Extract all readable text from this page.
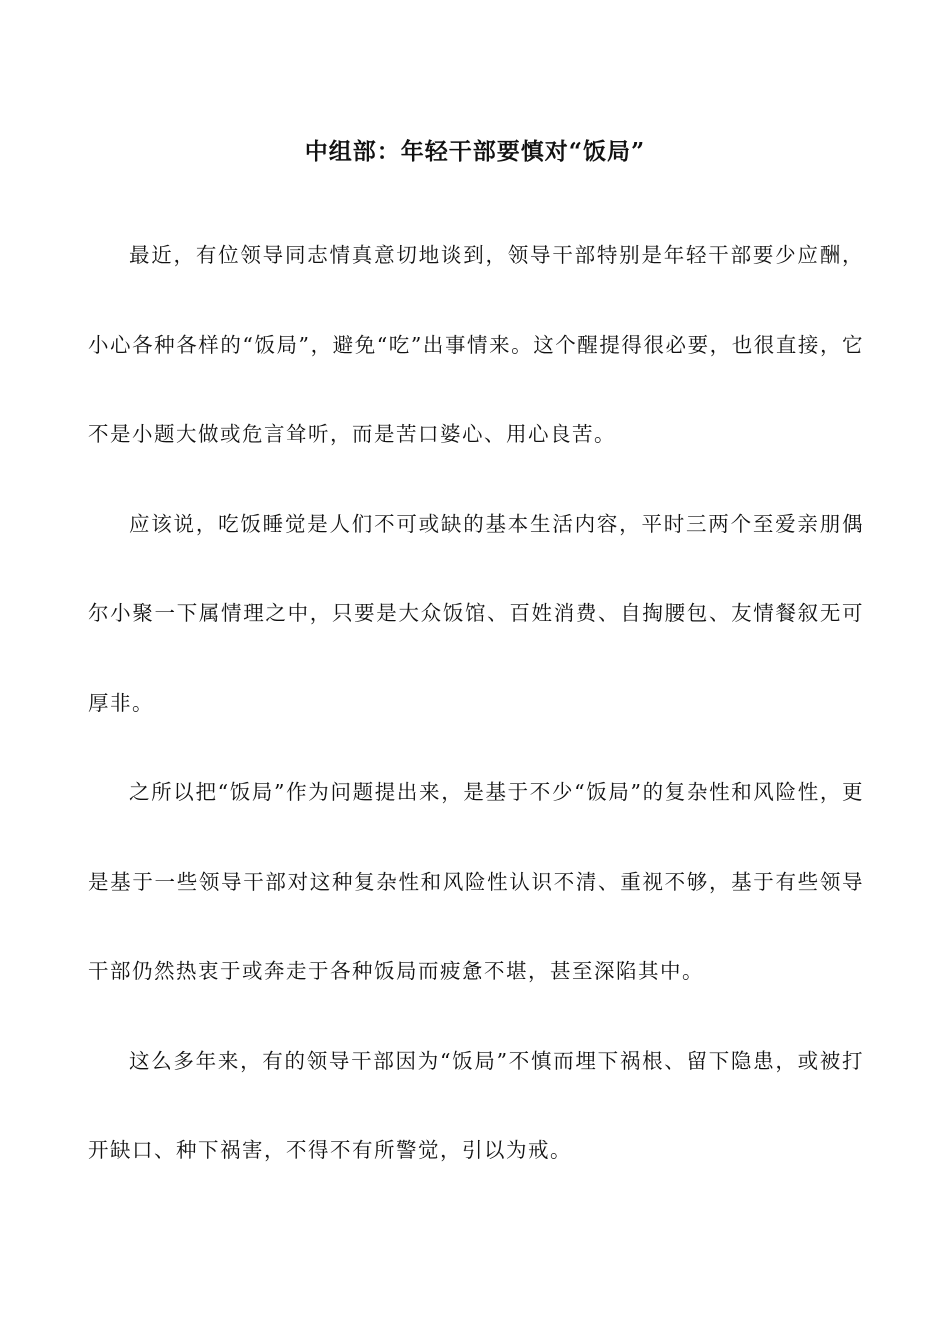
中组部：年轻干部要慎对“饭局”

最近，有位领导同志情真意切地谈到，领导干部特别是年轻干部要少应酬，小心各种各样的“饭局”，避免“吃”出事情来。这个醒提得很必要，也很直接，它不是小题大做或危言耸听，而是苦口婆心、用心良苦。

应该说，吃饭睡觉是人们不可或缺的基本生活内容，平时三两个至爱亲朋偶尔小聚一下属情理之中，只要是大众饭馆、百姓消费、自掏腰包、友情餐叙无可厚非。

之所以把“饭局”作为问题提出来，是基于不少“饭局”的复杂性和风险性，更是基于一些领导干部对这种复杂性和风险性认识不清、重视不够，基于有些领导干部仍然热衷于或奔走于各种饭局而疲惫不堪，甚至深陷其中。

这么多年来，有的领导干部因为“饭局”不慎而埋下祸根、留下隐患，或被打开缺口、种下祸害，不得不有所警觉，引以为戒。
